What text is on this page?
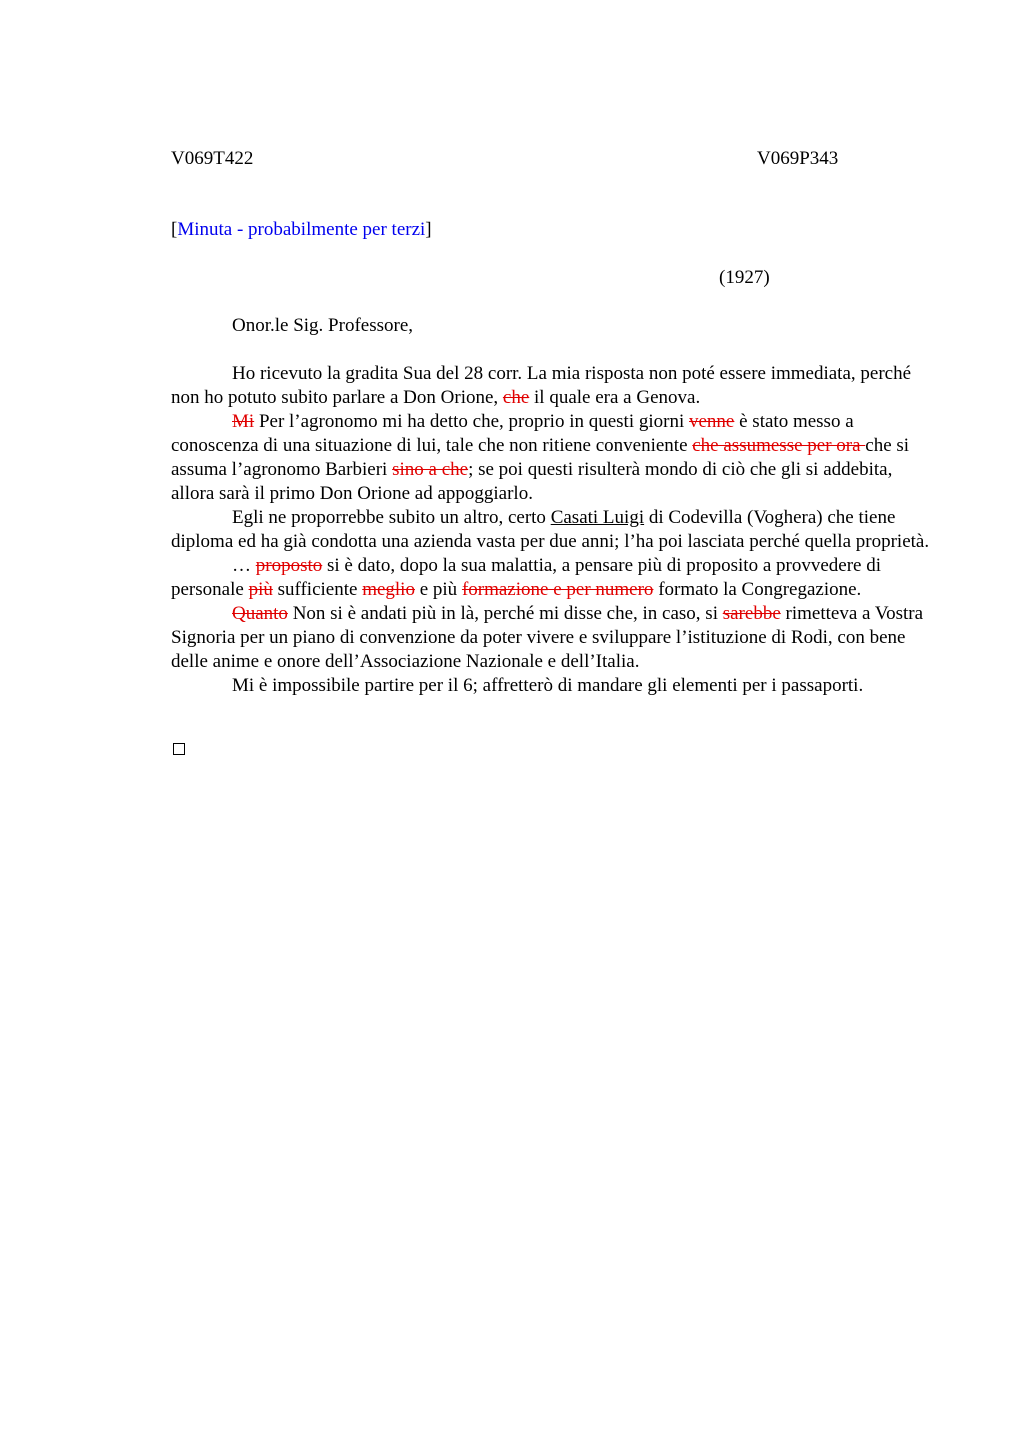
V069T422	V069P343
[Minuta - probabilmente per terzi]
(1927)
Onor.le Sig. Professore,

Ho ricevuto la gradita Sua del 28 corr. La mia risposta non poté essere immediata, perché non ho potuto subito parlare a Don Orione, che il quale era a Genova.

Mi Per l’agronomo mi ha detto che, proprio in questi giorni venne è stato messo a conoscenza di una situazione di lui, tale che non ritiene conveniente che assumesse per ora che si assuma l’agronomo Barbieri sino a che; se poi questi risulterà mondo di ciò che gli si addebita, allora sarà il primo Don Orione ad appoggiarlo.

Egli ne proporrebbe subito un altro, certo Casati Luigi di Codevilla (Voghera) che tiene diploma ed ha già condotta una azienda vasta per due anni; l’ha poi lasciata perché quella proprietà.

… proposto si è dato, dopo la sua malattia, a pensare più di proposito a provvedere di personale più sufficiente meglio e più formazione e per numero formato la Congregazione.

Quanto Non si è andati più in là, perché mi disse che, in caso, si sarebbe rimetteva a Vostra Signoria per un piano di convenzione da poter vivere e sviluppare l’istituzione di Rodi, con bene delle anime e onore dell’Associazione Nazionale e dell’Italia.

Mi è impossibile partire per il 6; affretterò di mandare gli elementi per i passaporti.
